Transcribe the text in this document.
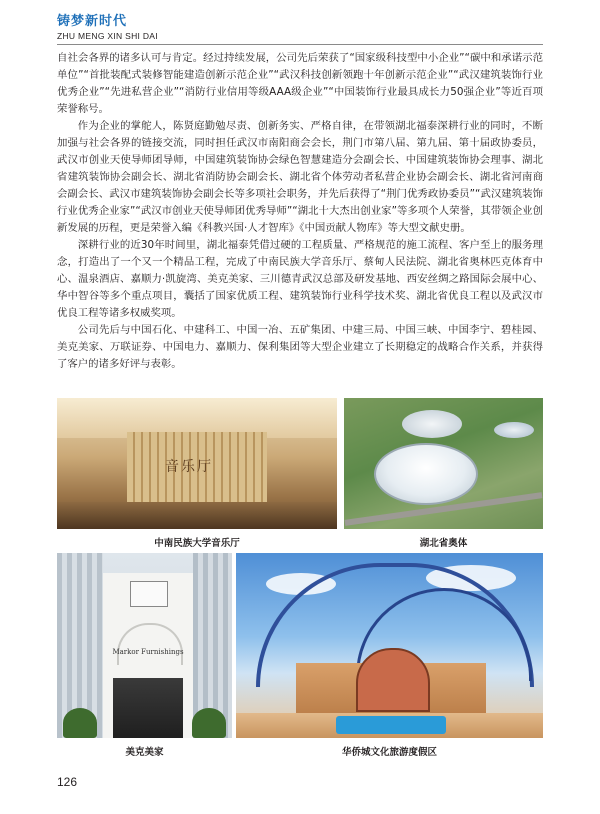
铸梦新时代
ZHU MENG XIN SHI DAI

自社会各界的诸多认可与肯定。经过持续发展，公司先后荣获了“国家级科技型中小企业”“碳中和承诺示范单位”“首批装配式装修智能建造创新示范企业”“武汉科技创新领跑十年创新示范企业”“武汉建筑装饰行业优秀企业”“先进私营企业”“消防行业信用等级AAA级企业”“中国装饰行业最具成长力50强企业”等近百项荣誉称号。

作为企业的掌舵人，陈贤庭勤勉尽责、创新务实、严格自律，在带领湖北福泰深耕行业的同时，不断加强与社会各界的链接交流，同时担任武汉市南阳商会会长，荆门市第八届、第九届、第十届政协委员，武汉市创业天使导师团导师，中国建筑装饰协会绿色智慧建造分会副会长、中国建筑装饰协会理事、湖北省建筑装饰协会副会长、湖北省消防协会副会长、湖北省个体劳动者私营企业协会副会长、湖北省河南商会副会长、武汉市建筑装饰协会副会长等多项社会职务，并先后获得了“荆门优秀政协委员”“武汉建筑装饰行业优秀企业家”“武汉市创业天使导师团优秀导师”“湖北十大杰出创业家”等多项个人荣誉，其带领企业创新发展的历程，更是荣誉入编《科教兴国·人才智库》《中国贡献人物库》等大型文献史册。

深耕行业的近30年时间里，湖北福泰凭借过硬的工程质量、严格规范的施工流程、客户至上的服务理念，打造出了一个又一个精品工程，完成了中南民族大学音乐厅、蔡甸人民法院、湖北省奥林匹克体育中心、温泉酒店、嘉顺力·凯旋湾、美克美家、三川德青武汉总部及研发基地、西安丝绸之路国际会展中心、华中智谷等多个重点项目，囊括了国家优质工程、建筑装饰行业科学技术奖、湖北省优良工程以及武汉市优良工程等诸多权威奖项。

公司先后与中国石化、中建科工、中国一冶、五矿集团、中建三局、中国三峡、中国李宁、碧桂园、美克美家、万联证券、中国电力、嘉顺力、保利集团等大型企业建立了长期稳定的战略合作关系，并获得了客户的诸多好评与表彰。

音乐厅
中南民族大学音乐厅	湖北省奥体
Markor Furnishings
美克美家	华侨城文化旅游度假区
126
